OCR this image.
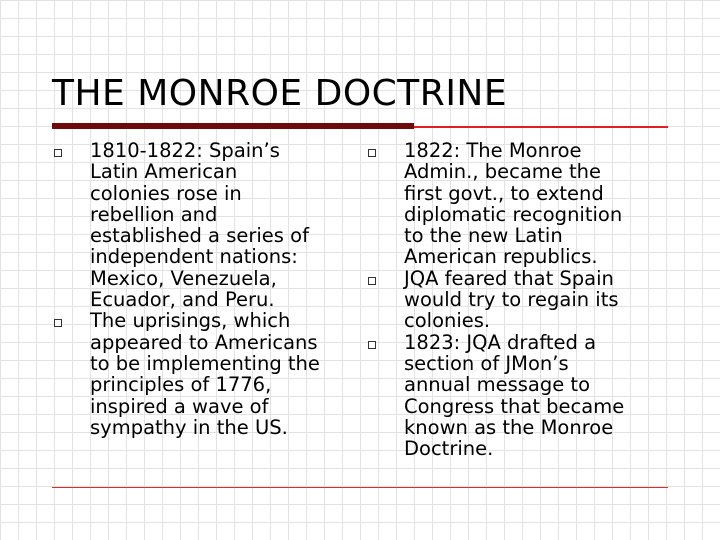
THE MONROE DOCTRINE
1810-1822: Spain’s
Latin American
colonies rose in
rebellion and
established a series of
independent nations:
Mexico, Venezuela,
Ecuador, and Peru.
The uprisings, which
appeared to Americans
to be implementing the
principles of 1776,
inspired a wave of
sympathy in the US.
1822: The Monroe
Admin., became the
first govt., to extend
diplomatic recognition
to the new Latin
American republics.
JQA feared that Spain
would try to regain its
colonies.
1823: JQA drafted a
section of JMon’s
annual message to
Congress that became
known as the Monroe
Doctrine.
